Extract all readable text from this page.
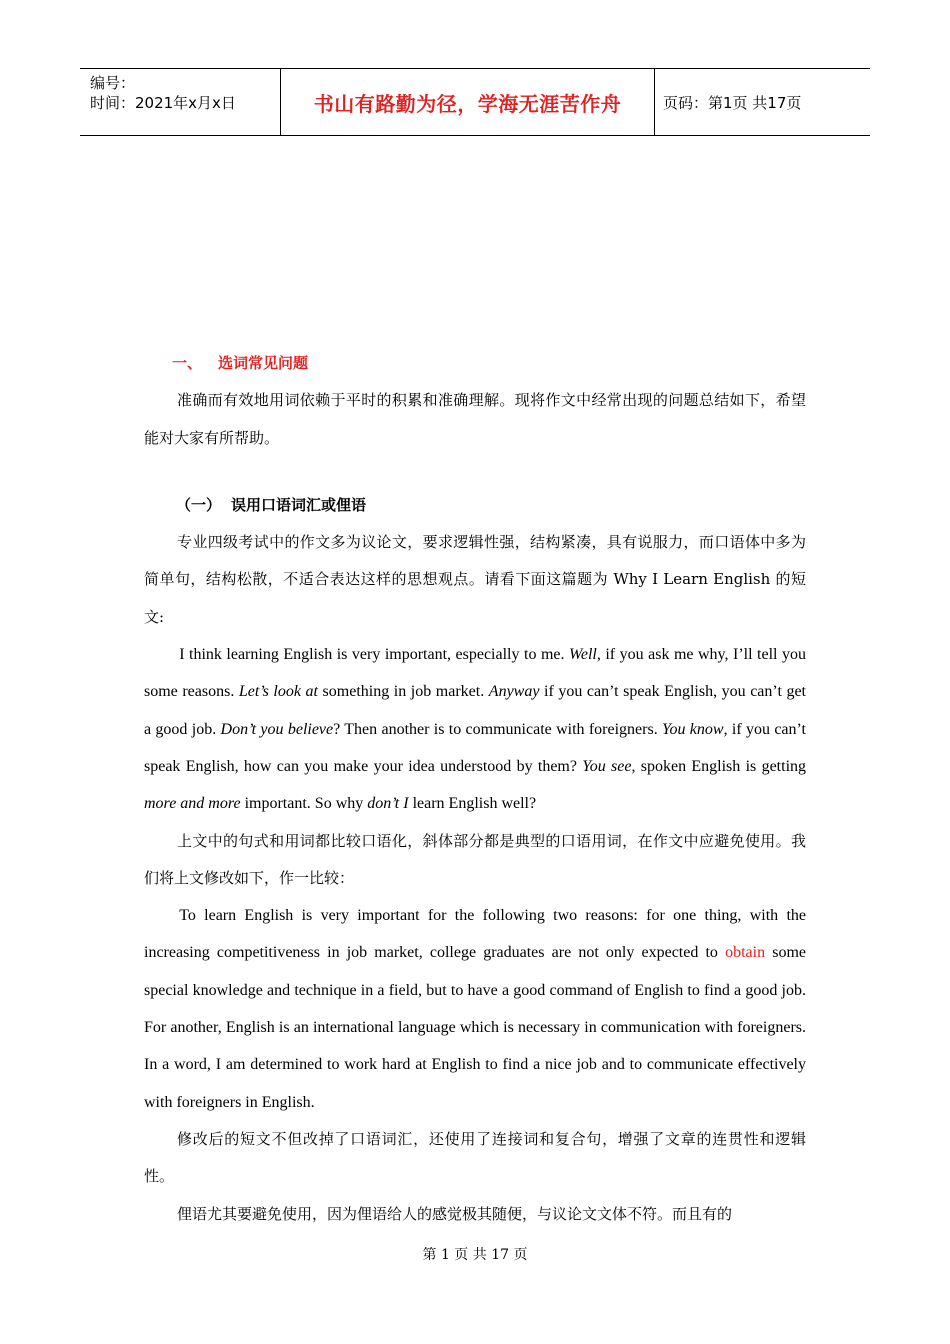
编号：
时间：2021年x月x日	书山有路勤为径，学海无涯苦作舟	页码：第1页 共17页

一、 选词常见问题

准确而有效地用词依赖于平时的积累和准确理解。现将作文中经常出现的问题总结如下，希望能对大家有所帮助。

（一） 误用口语词汇或俚语

专业四级考试中的作文多为议论文，要求逻辑性强，结构紧凑，具有说服力，而口语体中多为简单句，结构松散，不适合表达这样的思想观点。请看下面这篇题为 Why I Learn English 的短文:

I think learning English is very important, especially to me. Well, if you ask me why, I’ll tell you some reasons. Let’s look at something in job market. Anyway if you can’t speak English, you can’t get a good job. Don’t you believe? Then another is to communicate with foreigners. You know, if you can’t speak English, how can you make your idea understood by them? You see, spoken English is getting more and more important. So why don’t I learn English well?

上文中的句式和用词都比较口语化，斜体部分都是典型的口语用词，在作文中应避免使用。我们将上文修改如下，作一比较：

To learn English is very important for the following two reasons: for one thing, with the increasing competitiveness in job market, college graduates are not only expected to obtain some special knowledge and technique in a field, but to have a good command of English to find a good job. For another, English is an international language which is necessary in communication with foreigners. In a word, I am determined to work hard at English to find a nice job and to communicate effectively with foreigners in English.

修改后的短文不但改掉了口语词汇，还使用了连接词和复合句，增强了文章的连贯性和逻辑性。

俚语尤其要避免使用，因为俚语给人的感觉极其随便，与议论文文体不符。而且有的

第 1 页 共 17 页
